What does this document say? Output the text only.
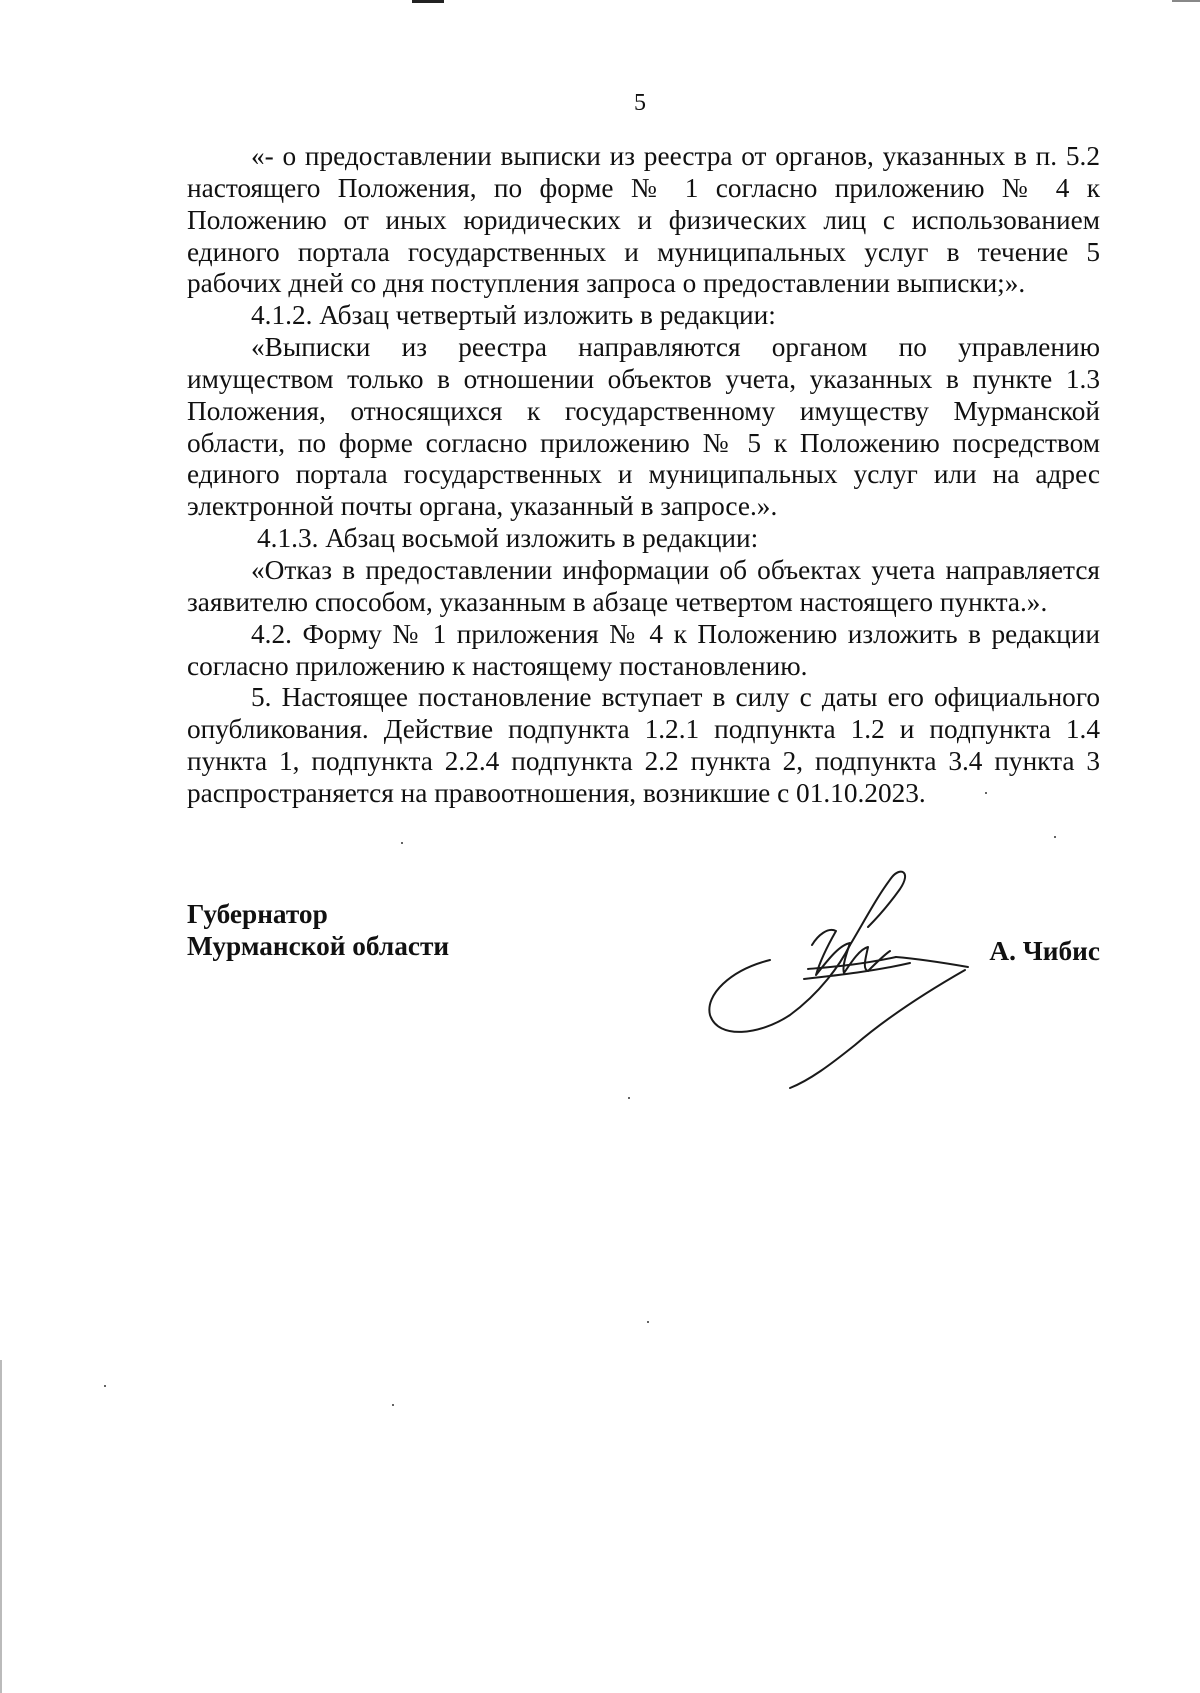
5

«- о предоставлении выписки из реестра от органов, указанных в п. 5.2 настоящего Положения, по форме № 1 согласно приложению № 4 к Положению от иных юридических и физических лиц с использованием единого портала государственных и муниципальных услуг в течение 5 рабочих дней со дня поступления запроса о предоставлении выписки;».

4.1.2. Абзац четвертый изложить в редакции:

«Выписки из реестра направляются органом по управлению имуществом только в отношении объектов учета, указанных в пункте 1.3 Положения, относящихся к государственному имуществу Мурманской области, по форме согласно приложению № 5 к Положению посредством единого портала государственных и муниципальных услуг или на адрес электронной почты органа, указанный в запросе.».

4.1.3. Абзац восьмой изложить в редакции:

«Отказ в предоставлении информации об объектах учета направляется заявителю способом, указанным в абзаце четвертом настоящего пункта.».

4.2. Форму № 1 приложения № 4 к Положению изложить в редакции согласно приложению к настоящему постановлению.

5. Настоящее постановление вступает в силу с даты его официального опубликования. Действие подпункта 1.2.1 подпункта 1.2 и подпункта 1.4 пункта 1, подпункта 2.2.4 подпункта 2.2 пункта 2, подпункта 3.4 пункта 3 распространяется на правоотношения, возникшие с 01.10.2023.

Губернатор
Мурманской области	А. Чибис
